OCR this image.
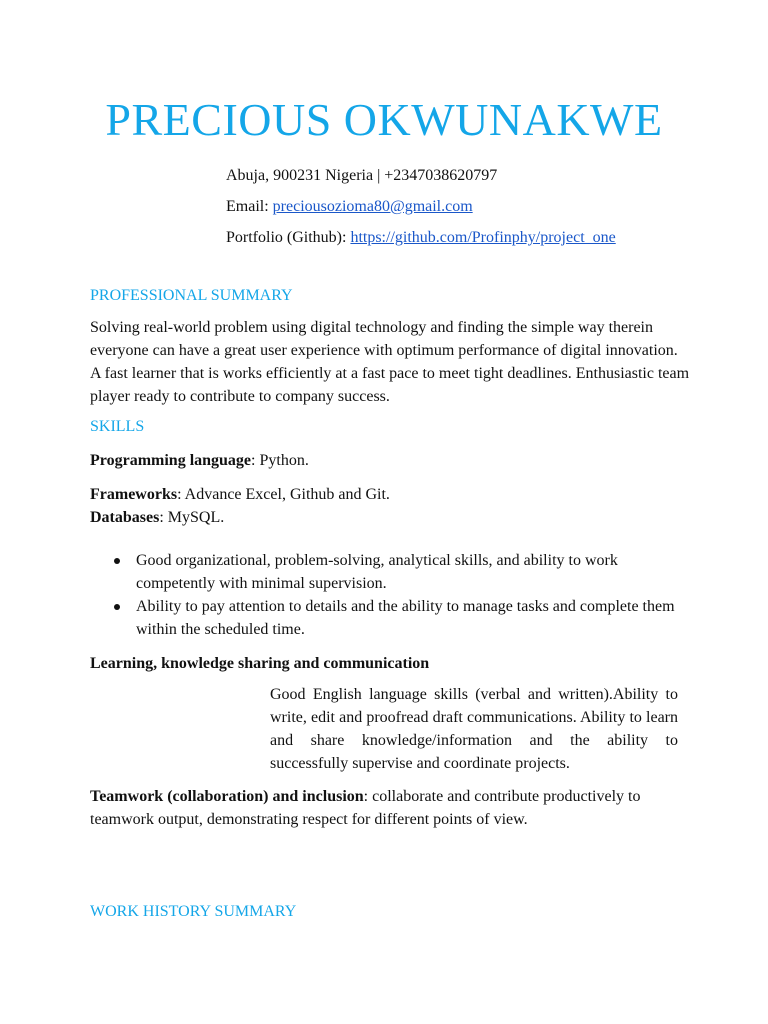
PRECIOUS OKWUNAKWE
Abuja, 900231 Nigeria | +2347038620797
Email: preciousozioma80@gmail.com
Portfolio (Github): https://github.com/Profinphy/project_one
PROFESSIONAL SUMMARY
Solving real-world problem using digital technology and finding the simple way therein everyone can have a great user experience with optimum performance of digital innovation. A fast learner that is works efficiently at a fast pace to meet tight deadlines. Enthusiastic team player ready to contribute to company success.
SKILLS
Programming language: Python.
Frameworks: Advance Excel, Github and Git.
Databases: MySQL.
Good organizational, problem-solving, analytical skills, and ability to work competently with minimal supervision.
Ability to pay attention to details and the ability to manage tasks and complete them within the scheduled time.
Learning, knowledge sharing and communication
Good English language skills (verbal and written).Ability to write, edit and proofread draft communications. Ability to learn and share knowledge/information and the ability to successfully supervise and coordinate projects.
Teamwork (collaboration) and inclusion: collaborate and contribute productively to teamwork output, demonstrating respect for different points of view.
WORK HISTORY SUMMARY
